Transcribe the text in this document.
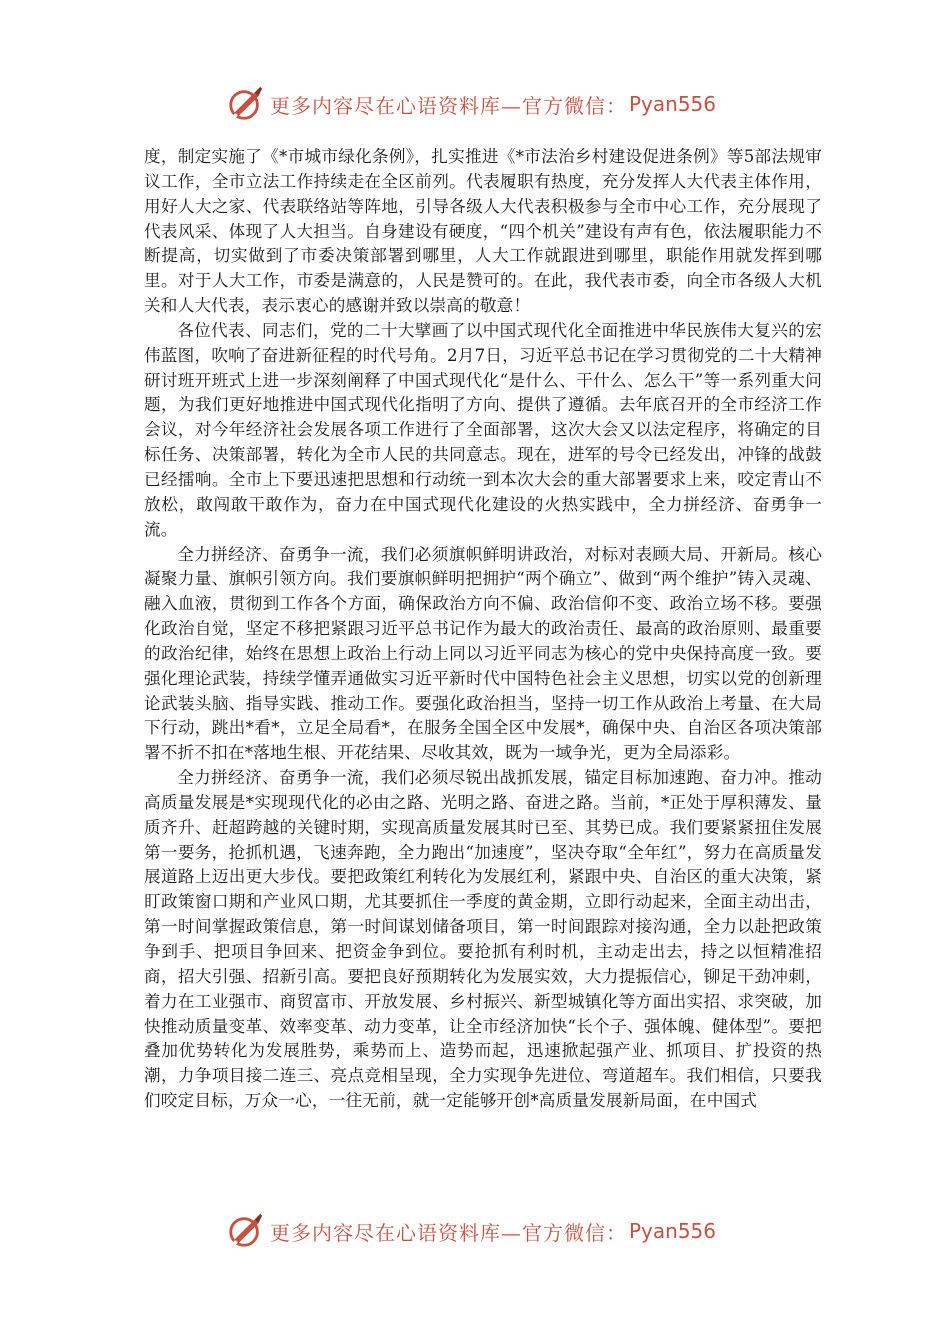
更多内容尽在心语资料库—官方微信： Pyan556

度，制定实施了《*市城市绿化条例》，扎实推进《*市法治乡村建设促进条例》等5部法规审议工作，全市立法工作持续走在全区前列。代表履职有热度，充分发挥人大代表主体作用，用好人大之家、代表联络站等阵地，引导各级人大代表积极参与全市中心工作，充分展现了代表风采、体现了人大担当。自身建设有硬度，“四个机关”建设有声有色，依法履职能力不断提高，切实做到了市委决策部署到哪里，人大工作就跟进到哪里，职能作用就发挥到哪里。对于人大工作，市委是满意的，人民是赞可的。在此，我代表市委，向全市各级人大机关和人大代表，表示衷心的感谢并致以崇高的敬意！

各位代表、同志们，党的二十大擘画了以中国式现代化全面推进中华民族伟大复兴的宏伟蓝图，吹响了奋进新征程的时代号角。2月7日，习近平总书记在学习贯彻党的二十大精神研讨班开班式上进一步深刻阐释了中国式现代化“是什么、干什么、怎么干”等一系列重大问题，为我们更好地推进中国式现代化指明了方向、提供了遵循。去年底召开的全市经济工作会议，对今年经济社会发展各项工作进行了全面部署，这次大会又以法定程序，将确定的目标任务、决策部署，转化为全市人民的共同意志。现在，进军的号令已经发出，冲锋的战鼓已经擂响。全市上下要迅速把思想和行动统一到本次大会的重大部署要求上来，咬定青山不放松，敢闯敢干敢作为，奋力在中国式现代化建设的火热实践中，全力拼经济、奋勇争一流。

全力拼经济、奋勇争一流，我们必须旗帜鲜明讲政治，对标对表顾大局、开新局。核心凝聚力量、旗帜引领方向。我们要旗帜鲜明把拥护“两个确立”、做到“两个维护”铸入灵魂、融入血液，贯彻到工作各个方面，确保政治方向不偏、政治信仰不变、政治立场不移。要强化政治自觉，坚定不移把紧跟习近平总书记作为最大的政治责任、最高的政治原则、最重要的政治纪律，始终在思想上政治上行动上同以习近平同志为核心的党中央保持高度一致。要强化理论武装，持续学懂弄通做实习近平新时代中国特色社会主义思想，切实以党的创新理论武装头脑、指导实践、推动工作。要强化政治担当，坚持一切工作从政治上考量、在大局下行动，跳出*看*，立足全局看*，在服务全国全区中发展*，确保中央、自治区各项决策部署不折不扣在*落地生根、开花结果、尽收其效，既为一域争光，更为全局添彩。

全力拼经济、奋勇争一流，我们必须尽锐出战抓发展，锚定目标加速跑、奋力冲。推动高质量发展是*实现现代化的必由之路、光明之路、奋进之路。当前，*正处于厚积薄发、量质齐升、赶超跨越的关键时期，实现高质量发展其时已至、其势已成。我们要紧紧扭住发展第一要务，抢抓机遇，飞速奔跑，全力跑出“加速度”，坚决夺取“全年红”，努力在高质量发展道路上迈出更大步伐。要把政策红利转化为发展红利，紧跟中央、自治区的重大决策，紧盯政策窗口期和产业风口期，尤其要抓住一季度的黄金期，立即行动起来，全面主动出击，第一时间掌握政策信息，第一时间谋划储备项目，第一时间跟踪对接沟通，全力以赴把政策争到手、把项目争回来、把资金争到位。要抢抓有利时机，主动走出去，持之以恒精准招商，招大引强、招新引高。要把良好预期转化为发展实效，大力提振信心，铆足干劲冲刺，着力在工业强市、商贸富市、开放发展、乡村振兴、新型城镇化等方面出实招、求突破，加快推动质量变革、效率变革、动力变革，让全市经济加快“长个子、强体魄、健体型”。要把叠加优势转化为发展胜势，乘势而上、造势而起，迅速掀起强产业、抓项目、扩投资的热潮，力争项目接二连三、亮点竞相呈现，全力实现争先进位、弯道超车。我们相信，只要我们咬定目标，万众一心，一往无前，就一定能够开创*高质量发展新局面，在中国式

更多内容尽在心语资料库—官方微信： Pyan556
